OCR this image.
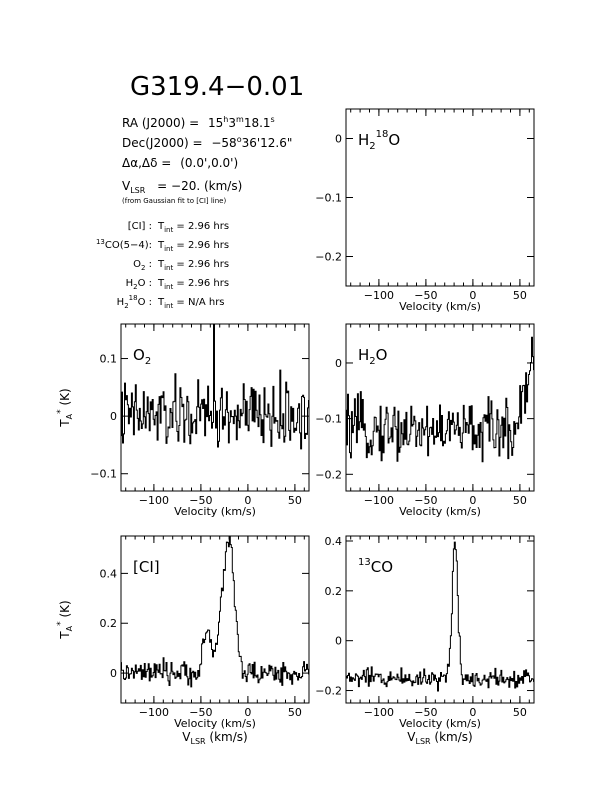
G319.4−0.01
RA $(J2000) = 15^h3^m18.1^s$
$Dec(J2000) = -58^o36'12.6$"
Δα,Δδ = (0.0',0.0')
$V_{LSR} = -20$. (km/s)
(from Gaussian fit to [CI] line)
[CI] : $T_{int} = 2.96$ hrs
$^{13}$CO(5−4): $T_{int} = 2.96$ hrs
$O_2$ : $T_{int} = 2.96$ hrs
$H_2O$ : $T_{int} = 2.96$ hrs
$H_2^{18}O$ : $T_{int} = N/A$ hrs
−100 −50	0	50
0
−0.1
−0.2
Velocity (km/s)
$H_2^{18}O$
−100 −50	0	50
0.1
0
−0.1
Velocity (km/s)
$T_A^*$ (K)
$O_2$
−100 −50	0	50
0
−0.1
−0.2
Velocity (km/s)
$H_2O$
−100 −50	0	50
0.4
0.2
0
Velocity (km/s)
$V_{LSR}$ (km/s)
$T_A^*$ (K)
[CI]
−100 −50	0	50
0.4
0.2
0
−0.2
Velocity (km/s)
$V_{LSR}$ (km/s)
$^{13}$CO
